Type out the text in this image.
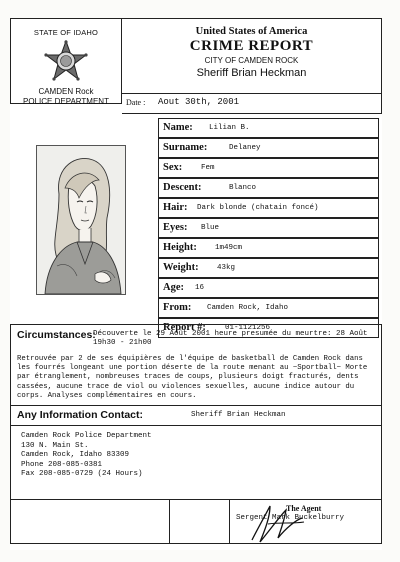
STATE OF IDAHO
CAMDEN Rock
POLICE DEPARTMENT
United States of America
CRIME REPORT
CITY OF CAMDEN ROCK
Sheriff Brian Heckman
Date : Aout 30th, 2001
Name: Lilian B.
Surname:	Delaney
Sex:	Fem
Descent:	Blanco
Hair: Dark blonde (chatain foncé)
Eyes: Blue
Height: 1m49cm
Weight: 43kg
Age: 16
From: Camden Rock, Idaho
Report #:	01-1121256
Circumstances:
Découverte le 29 Août 2001 heure presumée du meurtre: 28 Août 19h30 - 21h00
Retrouvée par 2 de ses équipières de l'équipe de basketball de Camden Rock dans les fourrés longeant une portion déserte de la route menant au ~Sportball~ Morte par étranglement, nombreuses traces de coups, plusieurs doigt fracturés, dents cassées, aucune trace de viol ou violences sexuelles, aucune indice autour du corps. Analyses complémentaires en cours.
Any Information Contact:	Sheriff Brian Heckman
Camden Rock Police Department
130 N. Main St.
Camden Rock, Idaho 83309
Phone 208-085-0381
Fax 208-085-0729 (24 Hours)
The Agent
Sergent Mark Buckelburry
